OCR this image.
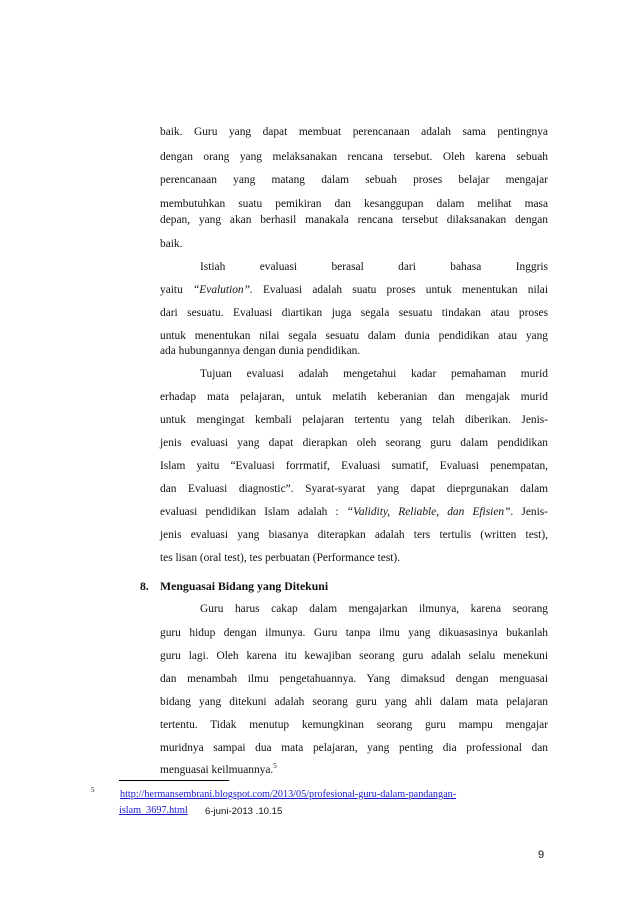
baik. Guru yang dapat membuat perencanaan adalah sama pentingnya
dengan orang yang melaksanakan rencana tersebut. Oleh karena sebuah
perencanaan yang matang dalam sebuah proses belajar mengajar
membutuhkan suatu pemikiran dan kesanggupan dalam melihat masa
depan, yang akan berhasil manakala rencana tersebut dilaksanakan dengan
baik.
Istiah evaluasi berasal dari bahasa Inggris
yaitu “Evalution”. Evaluasi adalah suatu proses untuk menentukan nilai
dari sesuatu. Evaluasi diartikan juga segala sesuatu tindakan atau proses
untuk menentukan nilai segala sesuatu dalam dunia pendidikan atau yang
ada hubungannya dengan dunia pendidikan.
Tujuan evaluasi adalah mengetahui kadar pemahaman murid
erhadap mata pelajaran, untuk melatih keberanian dan mengajak murid
untuk mengingat kembali pelajaran tertentu yang telah diberikan. Jenis-
jenis evaluasi yang dapat dierapkan oleh seorang guru dalam pendidikan
Islam yaitu “Evaluasi forrmatif, Evaluasi sumatif, Evaluasi penempatan,
dan Evaluasi diagnostic”. Syarat-syarat yang dapat dieprgunakan dalam
evaluasi pendidikan Islam adalah : “Validity, Reliable, dan Efisien”. Jenis-
jenis evaluasi yang biasanya diterapkan adalah ters tertulis (written test),
tes lisan (oral test), tes perbuatan (Performance test).
8. Menguasai Bidang yang Ditekuni
Guru harus cakap dalam mengajarkan ilmunya, karena seorang
guru hidup dengan ilmunya. Guru tanpa ilmu yang dikuasasinya bukanlah
guru lagi. Oleh karena itu kewajiban seorang guru adalah selalu menekuni
dan menambah ilmu pengetahuannya. Yang dimaksud dengan menguasai
bidang yang ditekuni adalah seorang guru yang ahli dalam mata pelajaran
tertentu. Tidak menutup kemungkinan seorang guru mampu mengajar
muridnya sampai dua mata pelajaran, yang penting dia professional dan
menguasai keilmuannya.$^5$
5	http://hermansembrani.blogspot.com/2013/05/profesional-guru-dalam-pandangan-
islam_3697.html 6-juni-2013 .10.15
9
